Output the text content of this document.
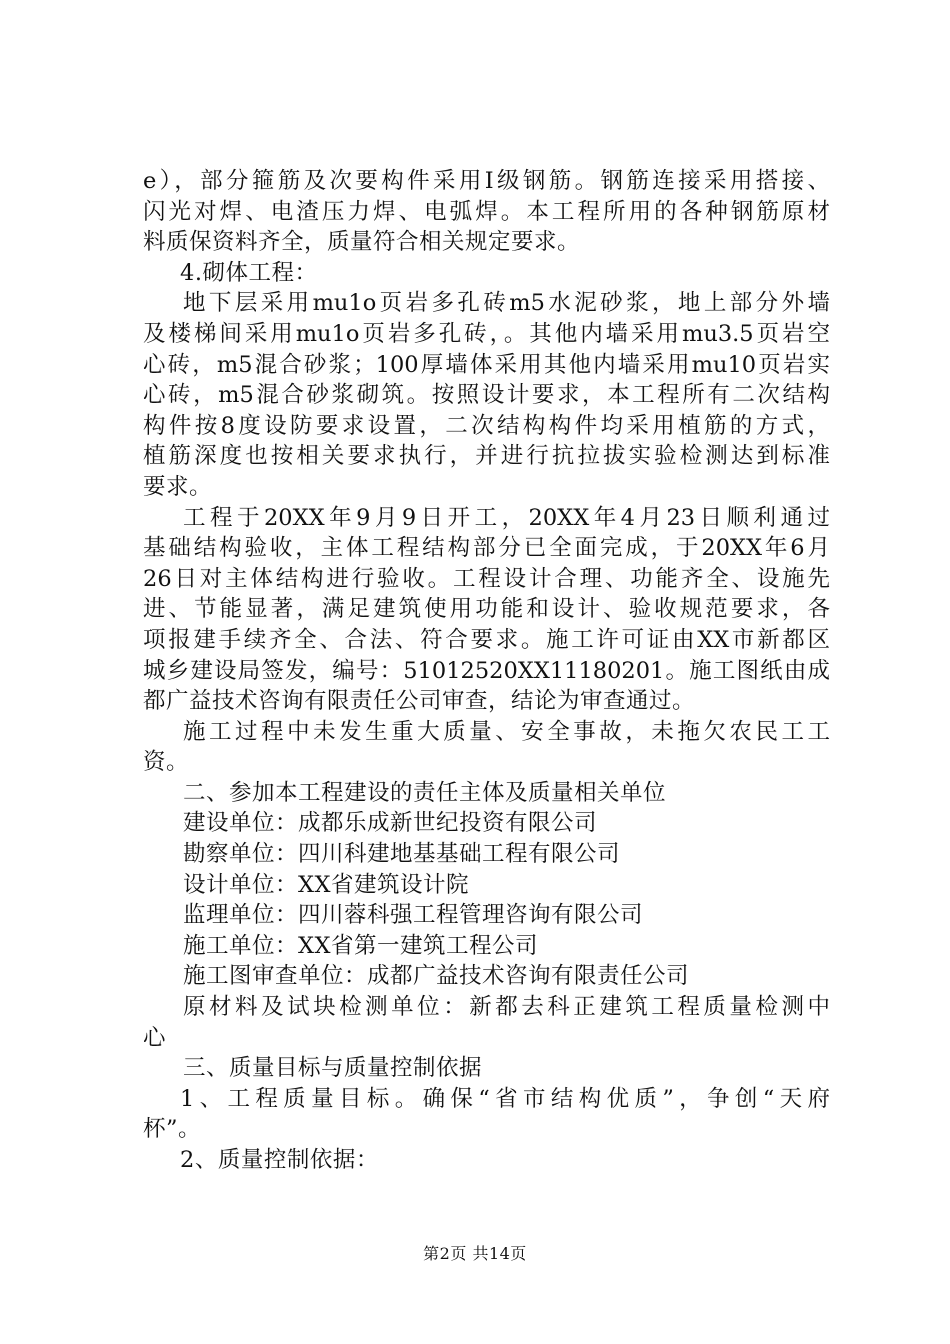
e），部分箍筋及次要构件采用Ⅰ级钢筋。钢筋连接采用搭接、
闪光对焊、电渣压力焊、电弧焊。本工程所用的各种钢筋原材
料质保资料齐全，质量符合相关规定要求。
4.砌体工程：
地下层采用mu1o页岩多孔砖m5水泥砂浆，地上部分外墙
及楼梯间采用mu1o页岩多孔砖，。其他内墙采用mu3.5页岩空
心砖，m5混合砂浆；100厚墙体采用其他内墙采用mu10页岩实
心砖，m5混合砂浆砌筑。按照设计要求，本工程所有二次结构
构件按8度设防要求设置，二次结构构件均采用植筋的方式，
植筋深度也按相关要求执行，并进行抗拉拔实验检测达到标准
要求。
工程于20XX年9月9日开工，20XX年4月23日顺利通过
基础结构验收，主体工程结构部分已全面完成，于20XX年6月
26日对主体结构进行验收。工程设计合理、功能齐全、设施先
进、节能显著，满足建筑使用功能和设计、验收规范要求，各
项报建手续齐全、合法、符合要求。施工许可证由XX市新都区
城乡建设局签发，编号：51012520XX11180201。施工图纸由成
都广益技术咨询有限责任公司审查，结论为审查通过。
施工过程中未发生重大质量、安全事故，未拖欠农民工工
资。
二、参加本工程建设的责任主体及质量相关单位
建设单位：成都乐成新世纪投资有限公司
勘察单位：四川科建地基基础工程有限公司
设计单位：XX省建筑设计院
监理单位：四川蓉科强工程管理咨询有限公司
施工单位：XX省第一建筑工程公司
施工图审查单位：成都广益技术咨询有限责任公司
原材料及试块检测单位：新都去科正建筑工程质量检测中
心
三、质量目标与质量控制依据
1、工程质量目标。确保“省市结构优质”，争创“天府
杯”。
2、质量控制依据：
第2页 共14页
